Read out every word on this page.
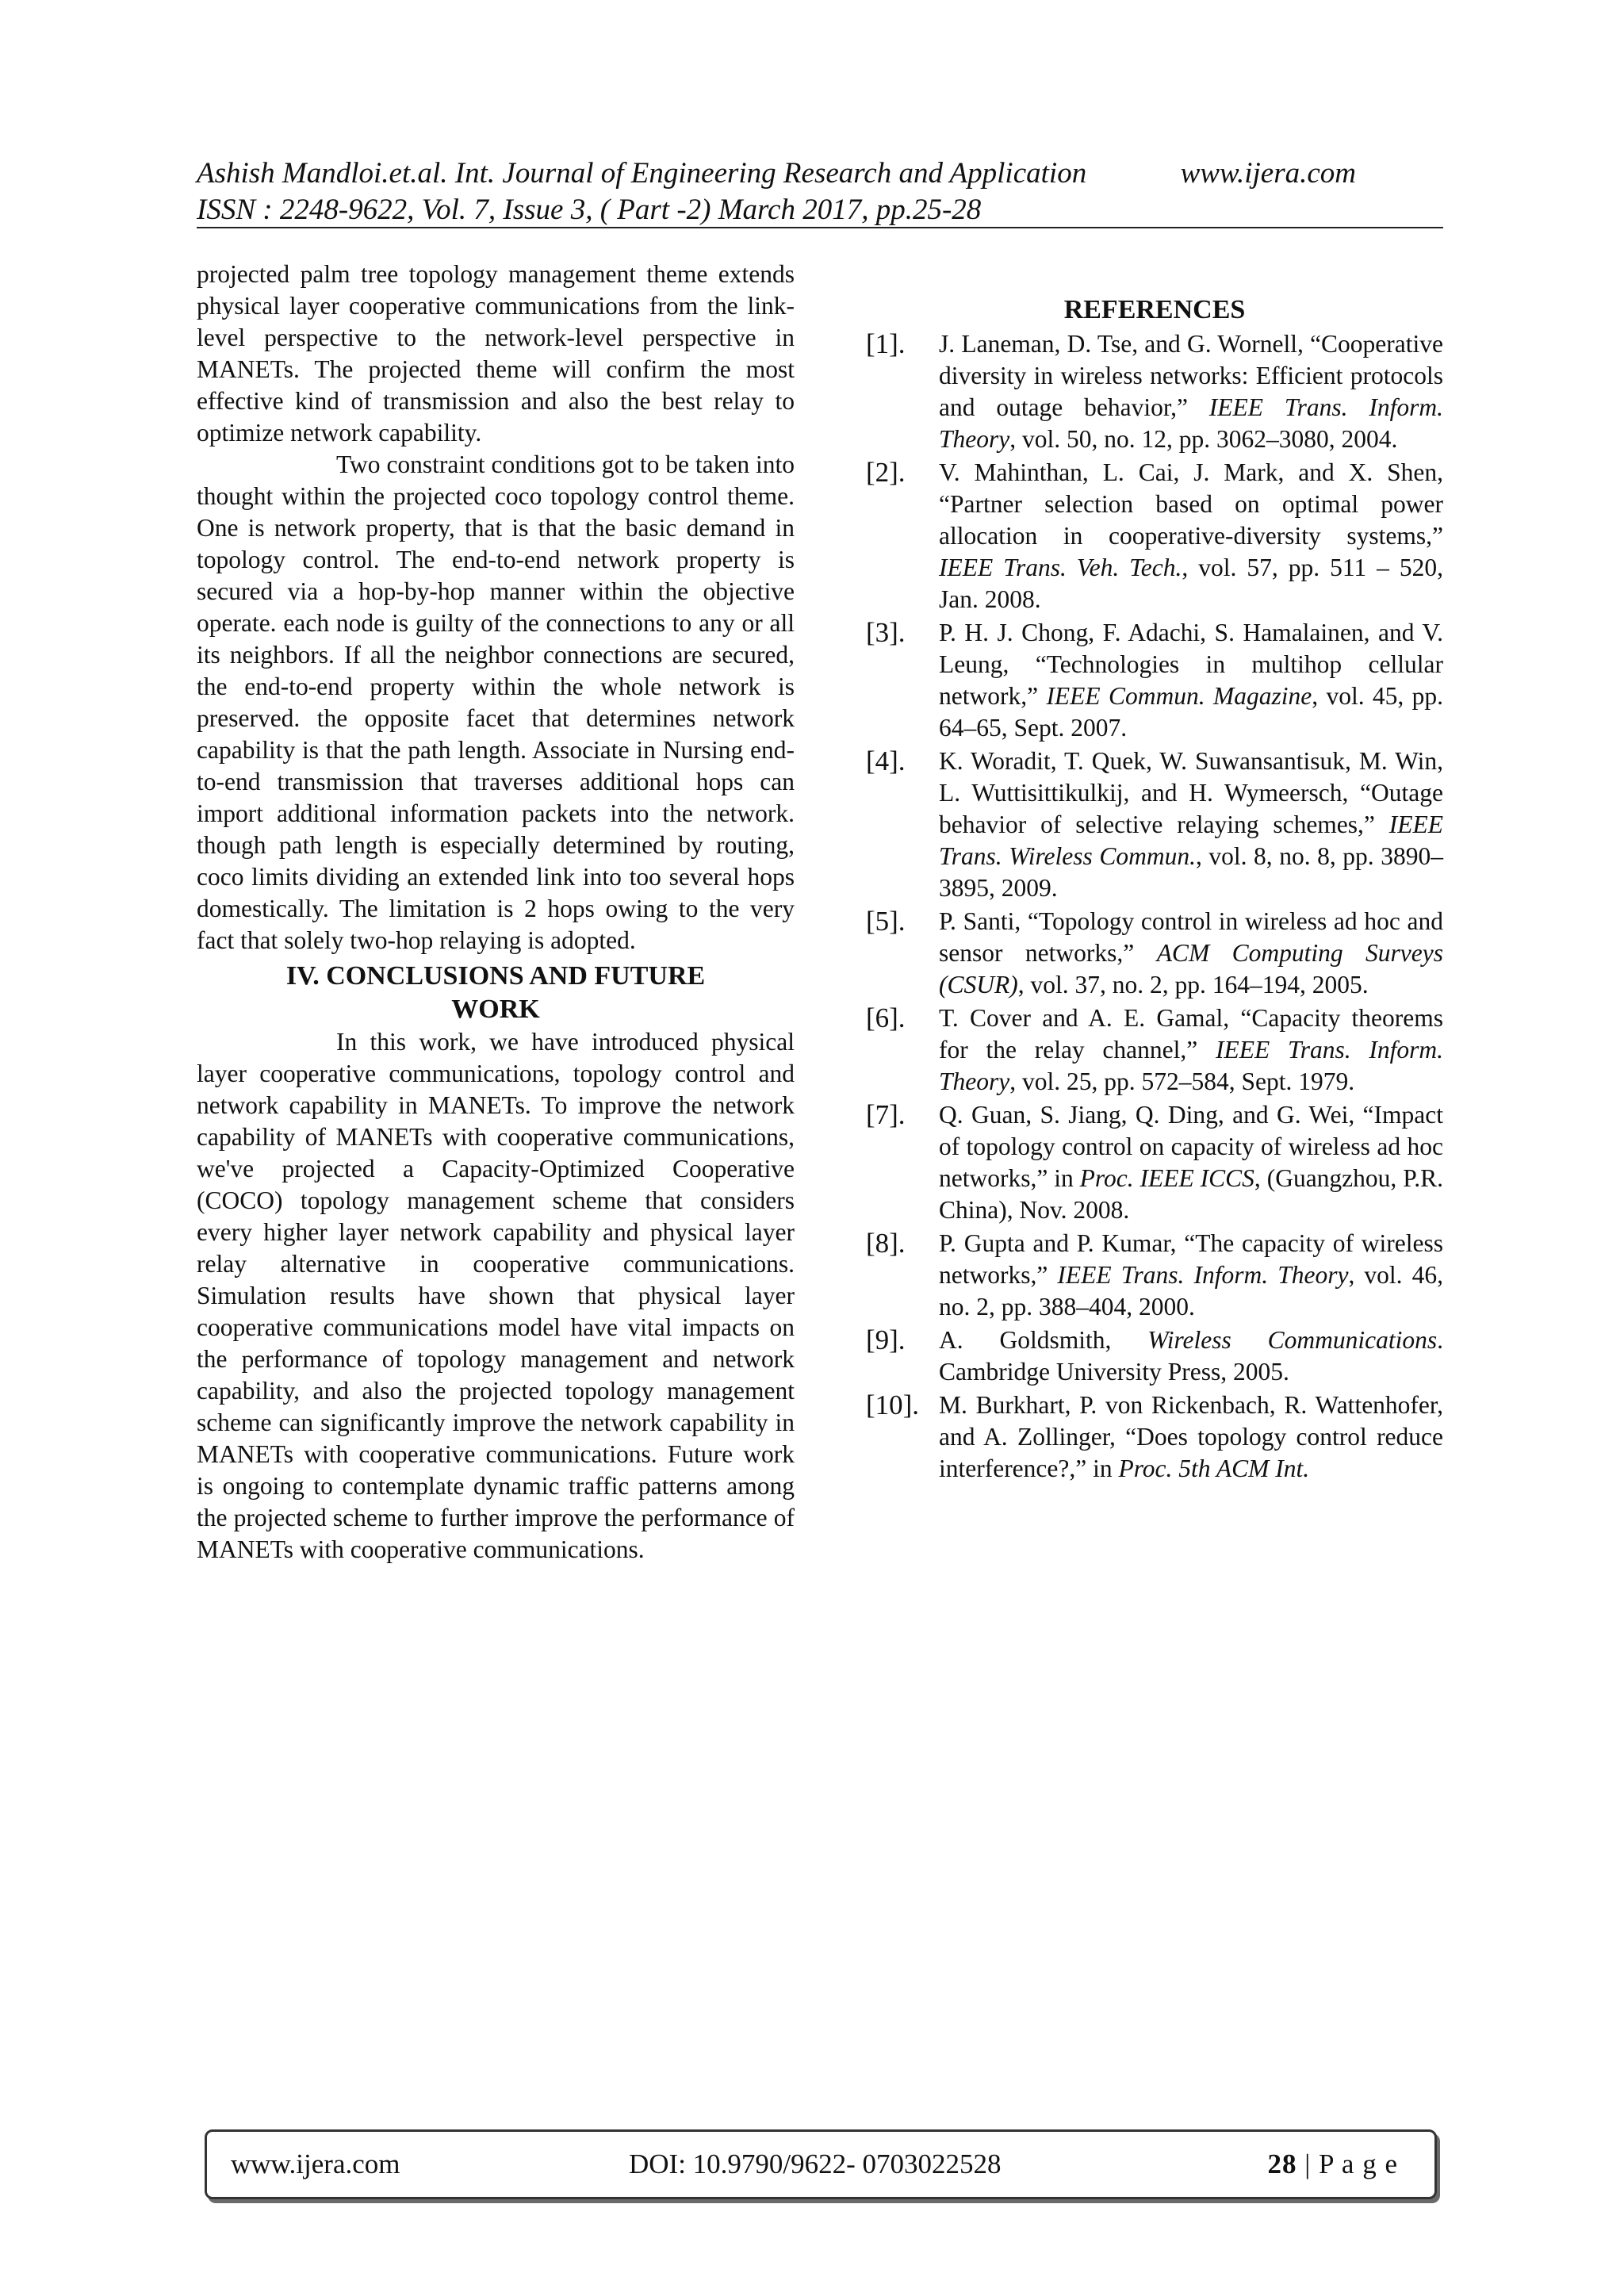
Ashish Mandloi.et.al. Int. Journal of Engineering Research and Application	www.ijera.com
ISSN : 2248-9622, Vol. 7, Issue 3, ( Part -2) March 2017, pp.25-28

projected palm tree topology management theme extends physical layer cooperative communications from the link-level perspective to the network-level perspective in MANETs. The projected theme will confirm the most effective kind of transmission and also the best relay to optimize network capability.

Two constraint conditions got to be taken into thought within the projected coco topology control theme. One is network property, that is that the basic demand in topology control. The end-to-end network property is secured via a hop-by-hop manner within the objective operate. each node is guilty of the connections to any or all its neighbors. If all the neighbor connections are secured, the end-to-end property within the whole network is preserved. the opposite facet that determines network capability is that the path length. Associate in Nursing end-to-end transmission that traverses additional hops can import additional information packets into the network. though path length is especially determined by routing, coco limits dividing an extended link into too several hops domestically. The limitation is 2 hops owing to the very fact that solely two-hop relaying is adopted.

IV. CONCLUSIONS AND FUTURE
WORK

In this work, we have introduced physical layer cooperative communications, topology control and network capability in MANETs. To improve the network capability of MANETs with cooperative communications, we've projected a Capacity-Optimized Cooperative (COCO) topology management scheme that considers every higher layer network capability and physical layer relay alternative in cooperative communications. Simulation results have shown that physical layer cooperative communications model have vital impacts on the performance of topology management and network capability, and also the projected topology management scheme can significantly improve the network capability in MANETs with cooperative communications. Future work is ongoing to contemplate dynamic traffic patterns among the projected scheme to further improve the performance of MANETs with cooperative communications.

REFERENCES
[1].	J. Laneman, D. Tse, and G. Wornell, “Cooperative diversity in wireless networks: Efficient protocols and outage behavior,” IEEE Trans. Inform. Theory, vol. 50, no. 12, pp. 3062–3080, 2004.
[2].	V. Mahinthan, L. Cai, J. Mark, and X. Shen, “Partner selection based on optimal power allocation in cooperative-diversity systems,” IEEE Trans. Veh. Tech., vol. 57, pp. 511 – 520, Jan. 2008.
[3].	P. H. J. Chong, F. Adachi, S. Hamalainen, and V. Leung, “Technologies in multihop cellular network,” IEEE Commun. Magazine, vol. 45, pp. 64–65, Sept. 2007.
[4].	K. Woradit, T. Quek, W. Suwansantisuk, M. Win, L. Wuttisittikulkij, and H. Wymeersch, “Outage behavior of selective relaying schemes,” IEEE Trans. Wireless Commun., vol. 8, no. 8, pp. 3890–3895, 2009.
[5].	P. Santi, “Topology control in wireless ad hoc and sensor networks,” ACM Computing Surveys (CSUR), vol. 37, no. 2, pp. 164–194, 2005.
[6].	T. Cover and A. E. Gamal, “Capacity theorems for the relay channel,” IEEE Trans. Inform. Theory, vol. 25, pp. 572–584, Sept. 1979.
[7].	Q. Guan, S. Jiang, Q. Ding, and G. Wei, “Impact of topology control on capacity of wireless ad hoc networks,” in Proc. IEEE ICCS, (Guangzhou, P.R. China), Nov. 2008.
[8].	P. Gupta and P. Kumar, “The capacity of wireless networks,” IEEE Trans. Inform. Theory, vol. 46, no. 2, pp. 388–404, 2000.
[9].	A. Goldsmith, Wireless Communications. Cambridge University Press, 2005.
[10]. M. Burkhart, P. von Rickenbach, R. Wattenhofer, and A. Zollinger, “Does topology control reduce interference?,” in Proc. 5th ACM Int.
www.ijera.com	DOI: 10.9790/9622- 0703022528	28 | P a g e
